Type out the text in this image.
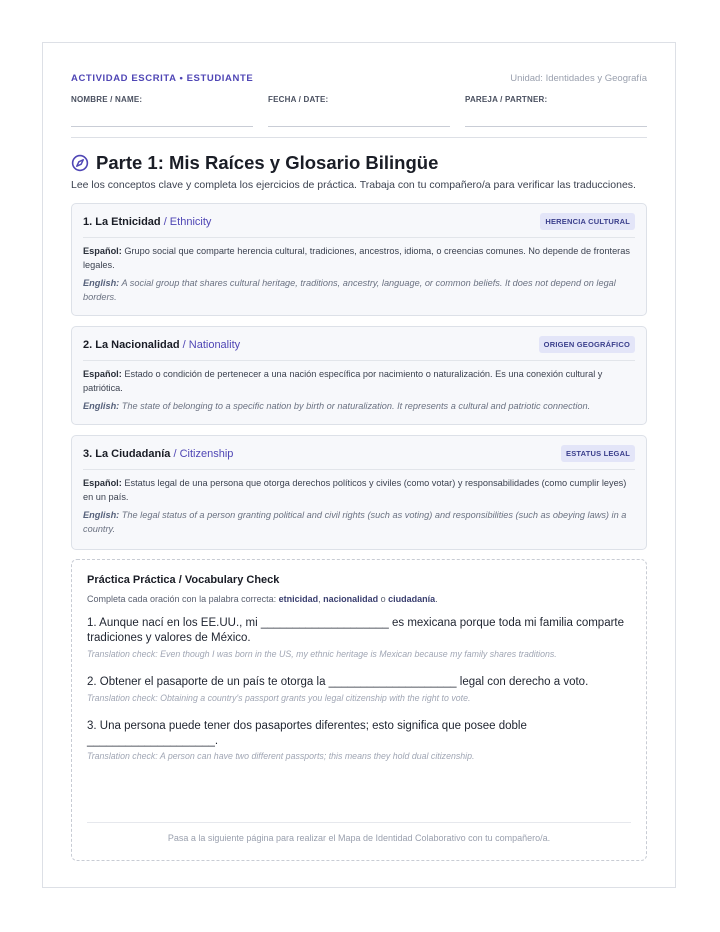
ACTIVIDAD ESCRITA • ESTUDIANTE	Unidad: Identidades y Geografía
NOMBRE / NAME:	FECHA / DATE:	PAREJA / PARTNER:
Parte 1: Mis Raíces y Glosario Bilingüe
Lee los conceptos clave y completa los ejercicios de práctica. Trabaja con tu compañero/a para verificar las traducciones.
1. La Etnicidad / Ethnicity	HERENCIA CULTURAL
Español: Grupo social que comparte herencia cultural, tradiciones, ancestros, idioma, o creencias comunes. No depende de fronteras legales.
English: A social group that shares cultural heritage, traditions, ancestry, language, or common beliefs. It does not depend on legal borders.
2. La Nacionalidad / Nationality	ORIGEN GEOGRÁFICO
Español: Estado o condición de pertenecer a una nación específica por nacimiento o naturalización. Es una conexión cultural y patriótica.
English: The state of belonging to a specific nation by birth or naturalization. It represents a cultural and patriotic connection.
3. La Ciudadanía / Citizenship	ESTATUS LEGAL
Español: Estatus legal de una persona que otorga derechos políticos y civiles (como votar) y responsabilidades (como cumplir leyes) en un país.
English: The legal status of a person granting political and civil rights (such as voting) and responsibilities (such as obeying laws) in a country.
Práctica Práctica / Vocabulary Check
Completa cada oración con la palabra correcta: etnicidad, nacionalidad o ciudadanía.
1. Aunque nací en los EE.UU., mi ____________________ es mexicana porque toda mi familia comparte tradiciones y valores de México.
Translation check: Even though I was born in the US, my ethnic heritage is Mexican because my family shares traditions.
2. Obtener el pasaporte de un país te otorga la ____________________ legal con derecho a voto.
Translation check: Obtaining a country's passport grants you legal citizenship with the right to vote.
3. Una persona puede tener dos pasaportes diferentes; esto significa que posee doble ____________________.
Translation check: A person can have two different passports; this means they hold dual citizenship.
Pasa a la siguiente página para realizar el Mapa de Identidad Colaborativo con tu compañero/a.
